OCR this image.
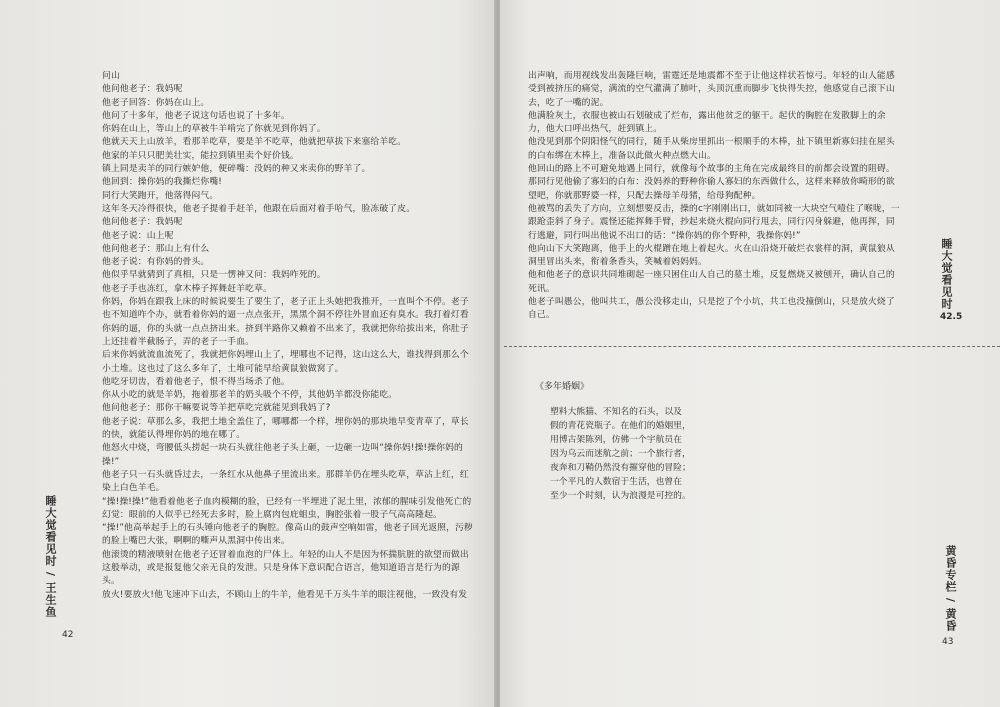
问山

他问他老子：我妈呢

他老子回答：你妈在山上。

他问了十多年，他老子说这句话也说了十多年。

你妈在山上，等山上的草被牛羊啃完了你就见到你妈了。

他就天天上山放羊，看那羊吃草，要是羊不吃草，他就把草拔下来塞给羊吃。

他家的羊只只肥美壮实，能拉到镇里卖个好价钱。

镇上同是卖羊的同行嫉妒他，便碎嘴：没妈的种又来卖你的野羊了。

他回到：操你妈的我撕烂你嘴!

同行大笑跑开，他落得闷气。

这年冬天冷得很快，他老子提着手赶羊，他跟在后面对着手哈气，脸冻破了皮。

他问他老子：我妈呢

他老子说：山上呢

他问他老子：那山上有什么

他老子说：有你妈的骨头。

他似乎早就猜到了真相，只是一愣神又问：我妈咋死的。

他老子手也冻红，拿木棒子挥舞赶羊吃草。

你妈，你妈在跟我上床的时候说要生了要生了，老子正上头她把我推开，一直叫个不停。老子也不知道咋个办，就看着你妈的逼一点点张开，黑黑个洞不停往外冒血还有臭水。我打着灯看你妈的逼，你的头就一点点挤出来。挤到半路你又赖着不出来了，我就把你给拔出来，你肚子上还挂着半截肠子，弄的老子一手血。

后来你妈就流血流死了，我就把你妈埋山上了，埋哪也不记得，这山这么大，谁找得到那么个小土堆。这也过了这么多年了，土堆可能早给黄鼠狼做窝了。

他吃牙切齿，看着他老子，恨不得当场杀了他。

你从小吃的就是羊奶，拖着那老羊的奶头吸个不停，其他奶羊都没你能吃。

他问他老子：那你干嘛要说等羊把草吃完就能见到我妈了?

他老子说：草那么多，我把土地全盖住了，哪哪都一个样，埋你妈的那块地早变青草了，草长的快，就能认得埋你妈的地在哪了。

他怒火中烧，弯腰低头捞起一块石头就往他老子头上砸，一边砸一边叫“操你妈!操!操你妈的操!”

他老子只一石头就昏过去，一条红水从他鼻子里流出来。那群羊仍在埋头吃草，草沾上红，红染上白色羊毛。

“操!操!操!”他看着他老子血肉模糊的脸，已经有一半埋进了泥土里，浓郁的腥味引发他死亡的幻觉：眼前的人似乎已经死去多时，脸上腐肉包庇蛆虫，胸腔张着一股子气高高隆起。

“操!”他高举起手上的石头锤向他老子的胸腔。像高山的鼓声空响如雷，他老子回光返照，污秽的脸上嘴巴大张，啊啊的嘶声从黑洞中传出来。

他滚烫的精液喷射在他老子还冒着血泡的尸体上。年轻的山人不是因为怀揣肮脏的欲望而做出这般举动，或是报复他父亲无良的发泄。只是身体下意识配合语言，他知道语言是行为的源头。

放火!要放火!他飞速冲下山去，不顾山上的牛羊，他看见千万头牛羊的眼注视他，一致没有发

睡大觉看见时 / 王生鱼
42

出声响，而用视线发出轰隆巨响，雷霆还是地震都不至于让他这样状若惊弓。年轻的山人能感受到被挤压的痛觉，满流的空气灌满了肺叶，头顶沉重而脚步飞快得失控，他感觉自己滚下山去，吃了一嘴的泥。

他满脸灰土，衣服也被山石划破成了烂布，露出他贫乏的躯干。起伏的胸腔在发散脚上的余力，他大口呼出热气，赶到镇上。

他没见到那个阴阳怪气的同行，随手从柴房里抓出一根顺手的木棒，扯下镇里新寡妇挂在屋头的白布绑在木棒上，准备以此做火种点燃大山。

他回山的路上不可避免地遇上同行，就像每个故事的主角在完成最终目的前都会设置的阻碍。那同行见他偷了寡妇的白布：没妈养的野种你偷人寡妇的东西做什么，这样来释放你畸形的欲望吧，你就那野婆一样，只配去操母羊母猪，给母狗配种。

他被骂的丢失了方向，立刻想要反击，操的c字刚刚出口，就如同被一大块空气噎住了喉咙，一跟跄歪斜了身子。震怪还能挥舞手臂，抄起来烧火棍向同行甩去，同行闪身躲避，他再挥，同行逃避，同行叫出他说不出口的话：“操你妈的你个野种，我操你妈!”

他向山下大笑跑离，他手上的火棍蹭在地上着起火。火在山沿烧开破烂衣裳样的洞，黄鼠狼从洞里冒出头来，衔着条香头，笑喊着妈妈妈。

他和他老子的意识共同堆砌起一座只困住山人自己的墓土堆，反复燃烧又被刨开，确认自己的死讯。

他老子叫愚公，他叫共工，愚公没移走山，只是挖了个小坑，共工也没撞倒山，只是放火烧了自己。

睡大觉看见时
42.5
《多年婚姻》

塑料大熊猫、不知名的石头，以及

假的青花瓷瓶子。在他们的婚姻里，

用博古架陈列，仿佛一个宇航员在

因为乌云而迷航之前；一个旅行者，

夜奔和刀鞘仍然没有摧穿他的冒险；

一个平凡的人数宿于生活，也曾在

至少一个时刻，认为浪漫是可控的。

黄昏专栏 / 黄昏
43
